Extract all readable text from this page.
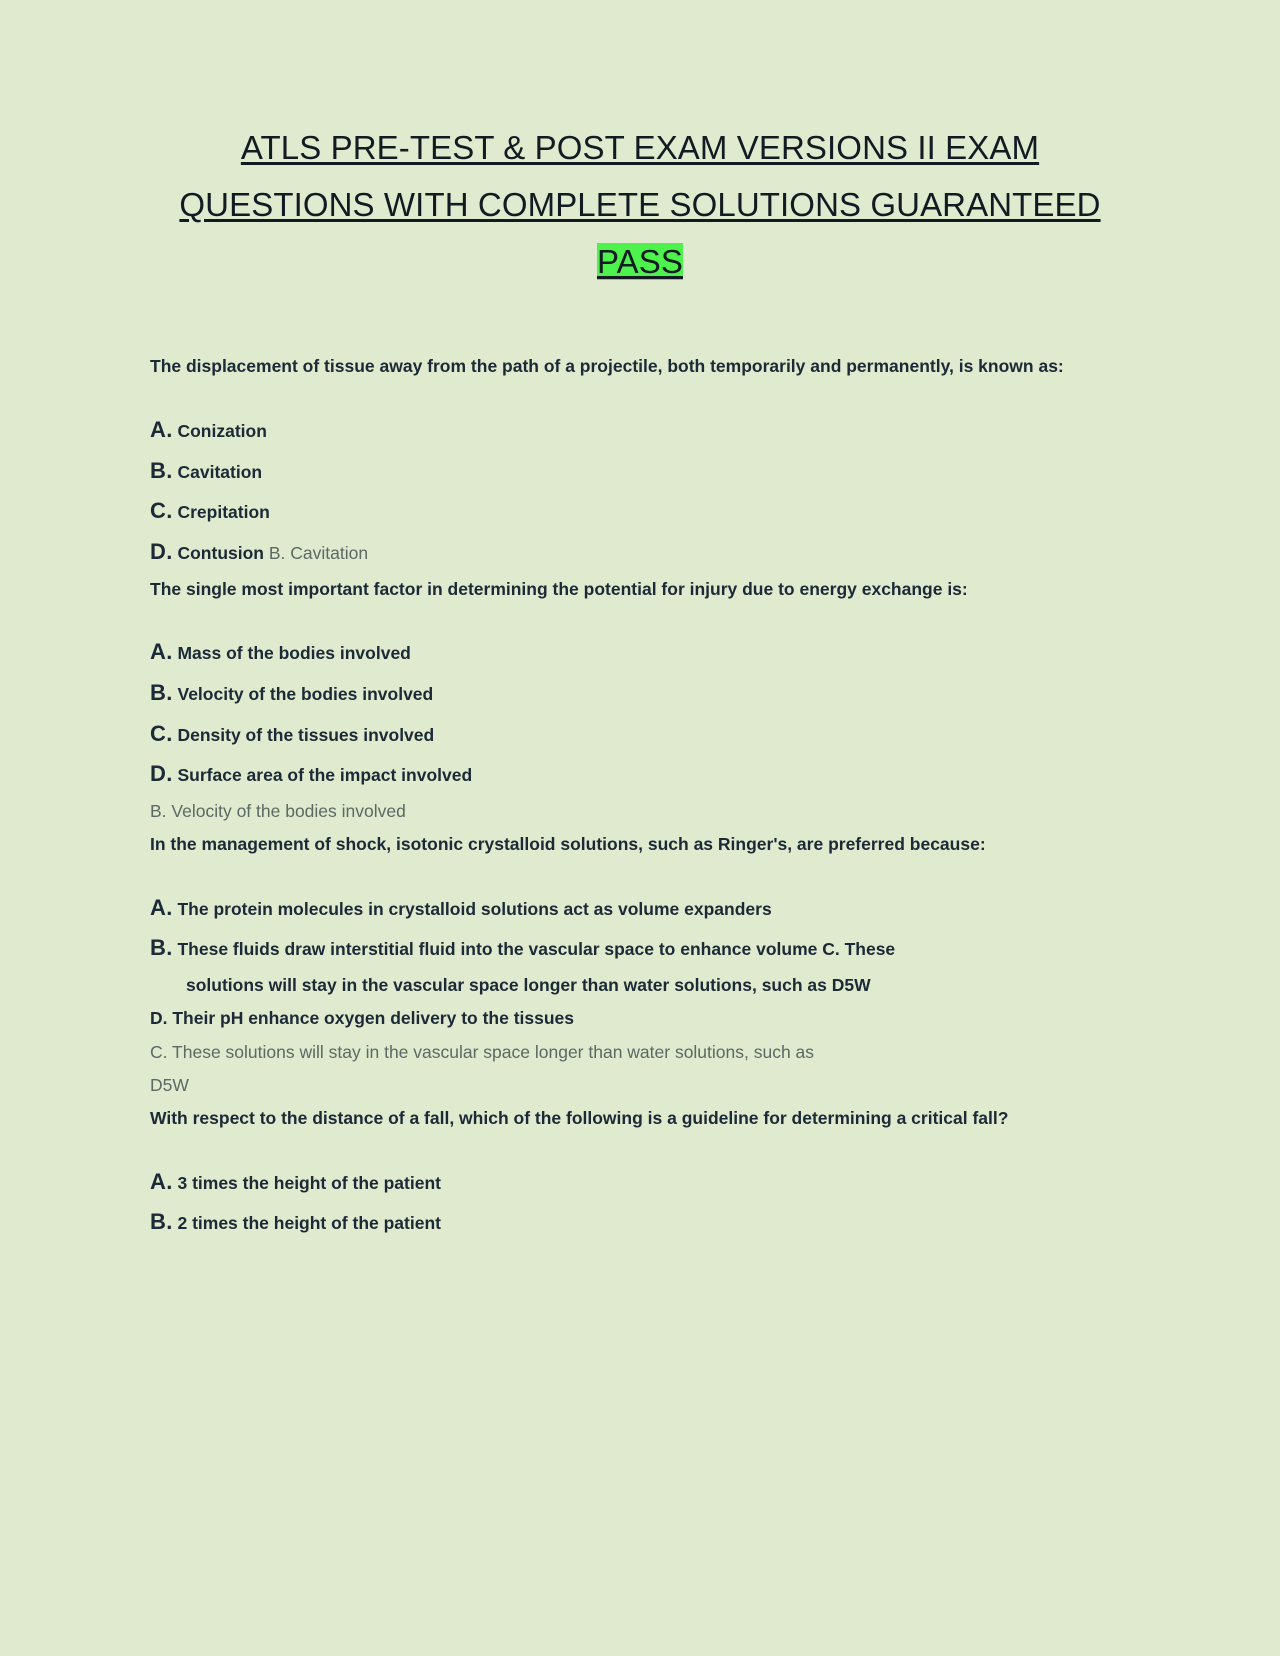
ATLS PRE-TEST & POST EXAM VERSIONS II EXAM
QUESTIONS WITH COMPLETE SOLUTIONS GUARANTEED
PASS

The displacement of tissue away from the path of a projectile, both temporarily and permanently, is known as:

A. Conization

B. Cavitation

C. Crepitation

D. Contusion B. Cavitation

The single most important factor in determining the potential for injury due to energy exchange is:

A. Mass of the bodies involved

B. Velocity of the bodies involved

C. Density of the tissues involved

D. Surface area of the impact involved

B. Velocity of the bodies involved

In the management of shock, isotonic crystalloid solutions, such as Ringer's, are preferred because:

A. The protein molecules in crystalloid solutions act as volume expanders

B. These fluids draw interstitial fluid into the vascular space to enhance volume C. These

solutions will stay in the vascular space longer than water solutions, such as D5W

D. Their pH enhance oxygen delivery to the tissues

C. These solutions will stay in the vascular space longer than water solutions, such as

D5W

With respect to the distance of a fall, which of the following is a guideline for determining a critical fall?

A. 3 times the height of the patient

B. 2 times the height of the patient
